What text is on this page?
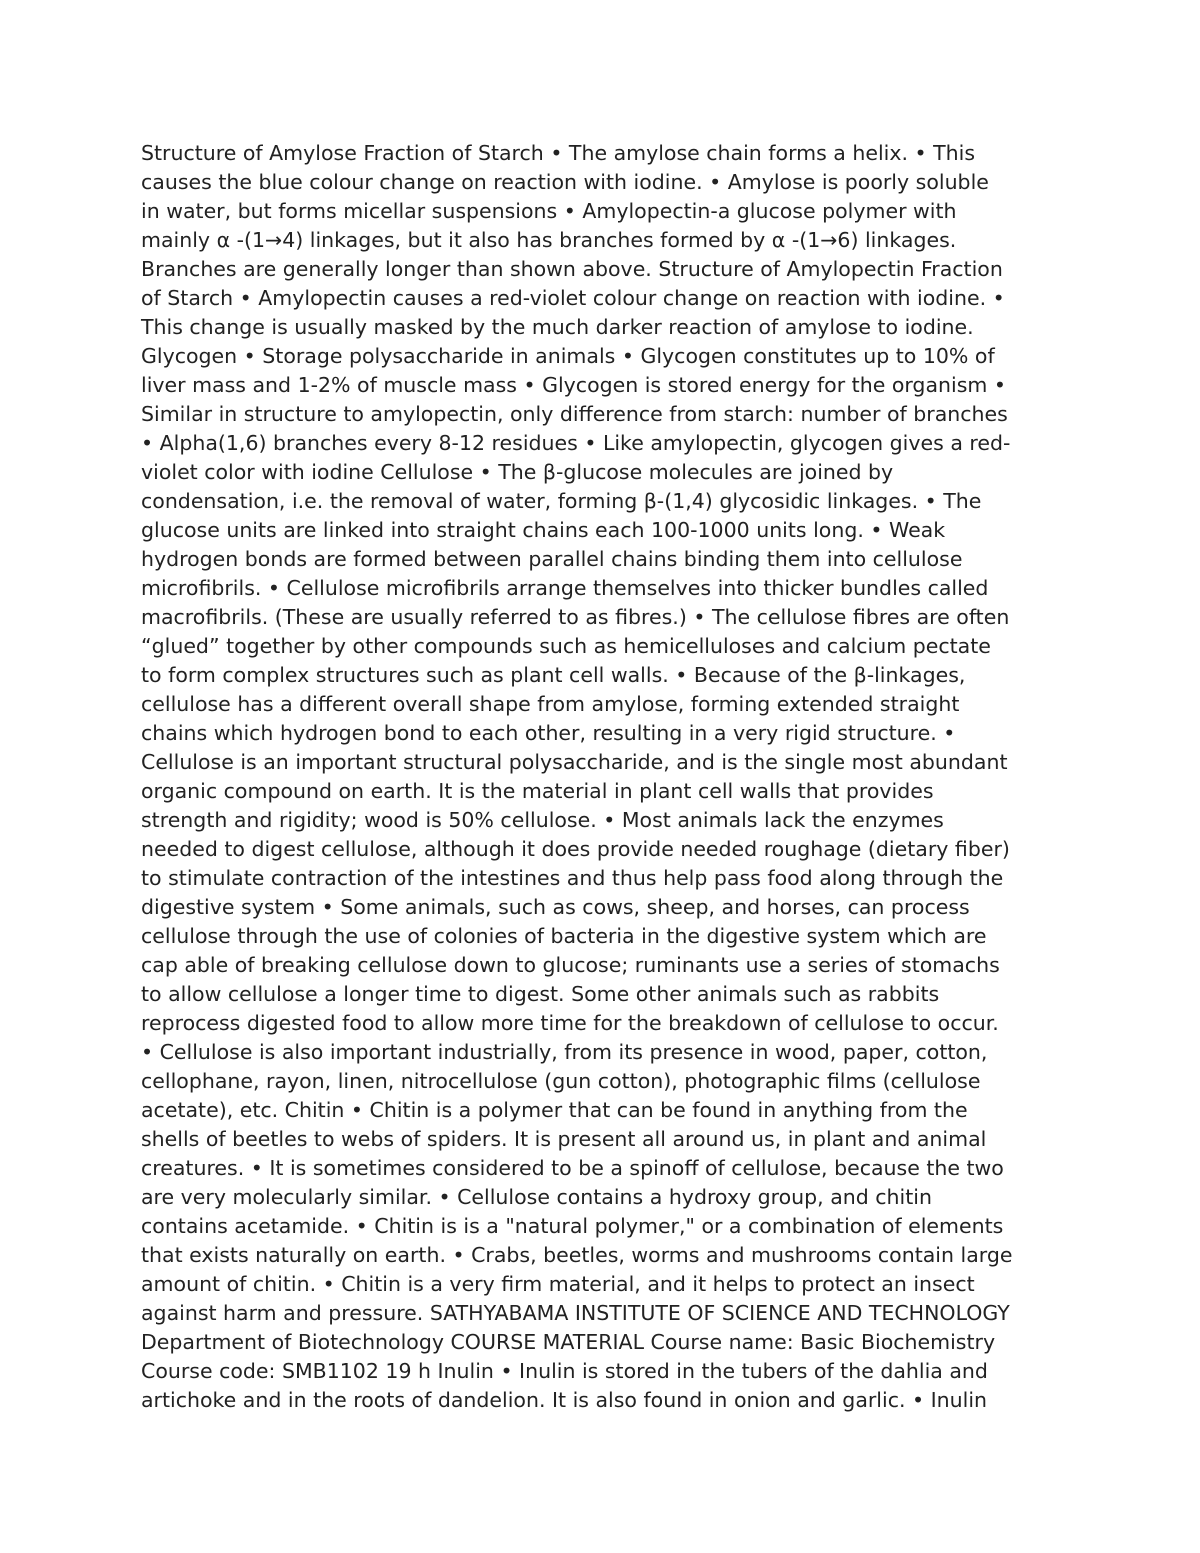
Structure of Amylose Fraction of Starch • The amylose chain forms a helix. • This
causes the blue colour change on reaction with iodine. • Amylose is poorly soluble
in water, but forms micellar suspensions • Amylopectin-a glucose polymer with
mainly α -(1→4) linkages, but it also has branches formed by α -(1→6) linkages.
Branches are generally longer than shown above. Structure of Amylopectin Fraction
of Starch • Amylopectin causes a red-violet colour change on reaction with iodine. •
This change is usually masked by the much darker reaction of amylose to iodine.
Glycogen • Storage polysaccharide in animals • Glycogen constitutes up to 10% of
liver mass and 1-2% of muscle mass • Glycogen is stored energy for the organism •
Similar in structure to amylopectin, only difference from starch: number of branches
• Alpha(1,6) branches every 8-12 residues • Like amylopectin, glycogen gives a red-
violet color with iodine Cellulose • The β-glucose molecules are joined by
condensation, i.e. the removal of water, forming β-(1,4) glycosidic linkages. • The
glucose units are linked into straight chains each 100-1000 units long. • Weak
hydrogen bonds are formed between parallel chains binding them into cellulose
microfibrils. • Cellulose microfibrils arrange themselves into thicker bundles called
macrofibrils. (These are usually referred to as fibres.) • The cellulose fibres are often
“glued” together by other compounds such as hemicelluloses and calcium pectate
to form complex structures such as plant cell walls. • Because of the β-linkages,
cellulose has a different overall shape from amylose, forming extended straight
chains which hydrogen bond to each other, resulting in a very rigid structure. •
Cellulose is an important structural polysaccharide, and is the single most abundant
organic compound on earth. It is the material in plant cell walls that provides
strength and rigidity; wood is 50% cellulose. • Most animals lack the enzymes
needed to digest cellulose, although it does provide needed roughage (dietary fiber)
to stimulate contraction of the intestines and thus help pass food along through the
digestive system • Some animals, such as cows, sheep, and horses, can process
cellulose through the use of colonies of bacteria in the digestive system which are
cap able of breaking cellulose down to glucose; ruminants use a series of stomachs
to allow cellulose a longer time to digest. Some other animals such as rabbits
reprocess digested food to allow more time for the breakdown of cellulose to occur.
• Cellulose is also important industrially, from its presence in wood, paper, cotton,
cellophane, rayon, linen, nitrocellulose (gun cotton), photographic films (cellulose
acetate), etc. Chitin • Chitin is a polymer that can be found in anything from the
shells of beetles to webs of spiders. It is present all around us, in plant and animal
creatures. • It is sometimes considered to be a spinoff of cellulose, because the two
are very molecularly similar. • Cellulose contains a hydroxy group, and chitin
contains acetamide. • Chitin is is a "natural polymer," or a combination of elements
that exists naturally on earth. • Crabs, beetles, worms and mushrooms contain large
amount of chitin. • Chitin is a very firm material, and it helps to protect an insect
against harm and pressure. SATHYABAMA INSTITUTE OF SCIENCE AND TECHNOLOGY
Department of Biotechnology COURSE MATERIAL Course name: Basic Biochemistry
Course code: SMB1102 19 h Inulin • Inulin is stored in the tubers of the dahlia and
artichoke and in the roots of dandelion. It is also found in onion and garlic. • Inulin
